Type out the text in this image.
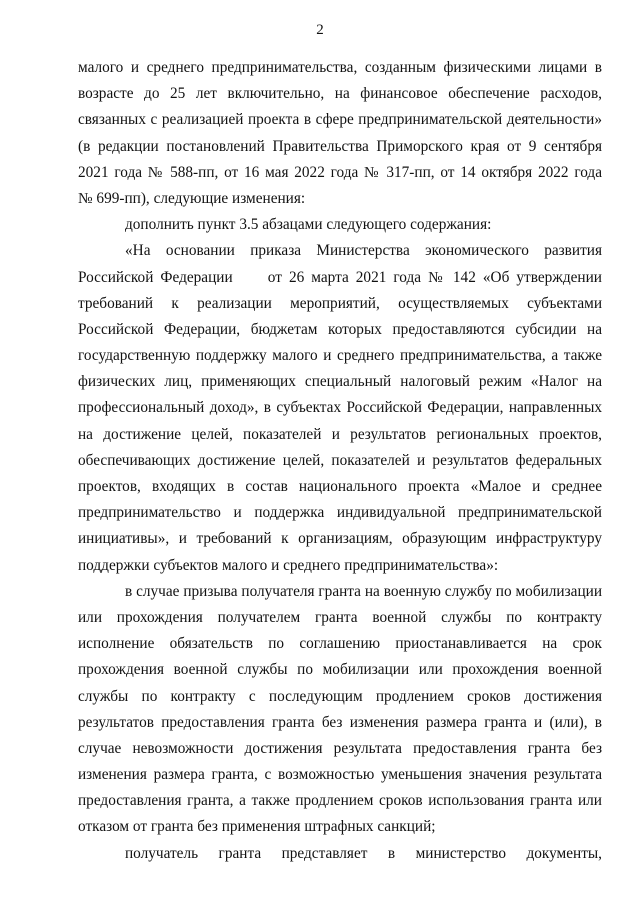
2
малого и среднего предпринимательства, созданным физическими лицами в
возрасте до 25 лет включительно, на финансовое обеспечение расходов,
связанных с реализацией проекта в сфере предпринимательской деятельности»
(в редакции постановлений Правительства Приморского края от 9 сентября
2021 года № 588-пп, от 16 мая 2022 года № 317-пп, от 14 октября 2022 года
№ 699-пп), следующие изменения:
дополнить пункт 3.5 абзацами следующего содержания:
«На основании приказа Министерства экономического развития
Российской Федерации     от 26 марта 2021 года № 142 «Об утверждении
требований к реализации мероприятий, осуществляемых субъектами
Российской Федерации, бюджетам которых предоставляются субсидии на
государственную поддержку малого и среднего предпринимательства, а также
физических лиц, применяющих специальный налоговый режим «Налог на
профессиональный доход», в субъектах Российской Федерации, направленных
на достижение целей, показателей и результатов региональных проектов,
обеспечивающих достижение целей, показателей и результатов федеральных
проектов, входящих в состав национального проекта «Малое и среднее
предпринимательство и поддержка индивидуальной предпринимательской
инициативы», и требований к организациям, образующим инфраструктуру
поддержки субъектов малого и среднего предпринимательства»:
в случае призыва получателя гранта на военную службу по мобилизации
или прохождения получателем гранта военной службы по контракту
исполнение обязательств по соглашению приостанавливается на срок
прохождения военной службы по мобилизации или прохождения военной
службы по контракту с последующим продлением сроков достижения
результатов предоставления гранта без изменения размера гранта и (или), в
случае невозможности достижения результата предоставления гранта без
изменения размера гранта, с возможностью уменьшения значения результата
предоставления гранта, а также продлением сроков использования гранта или
отказом от гранта без применения штрафных санкций;
получатель гранта представляет в министерство документы,
